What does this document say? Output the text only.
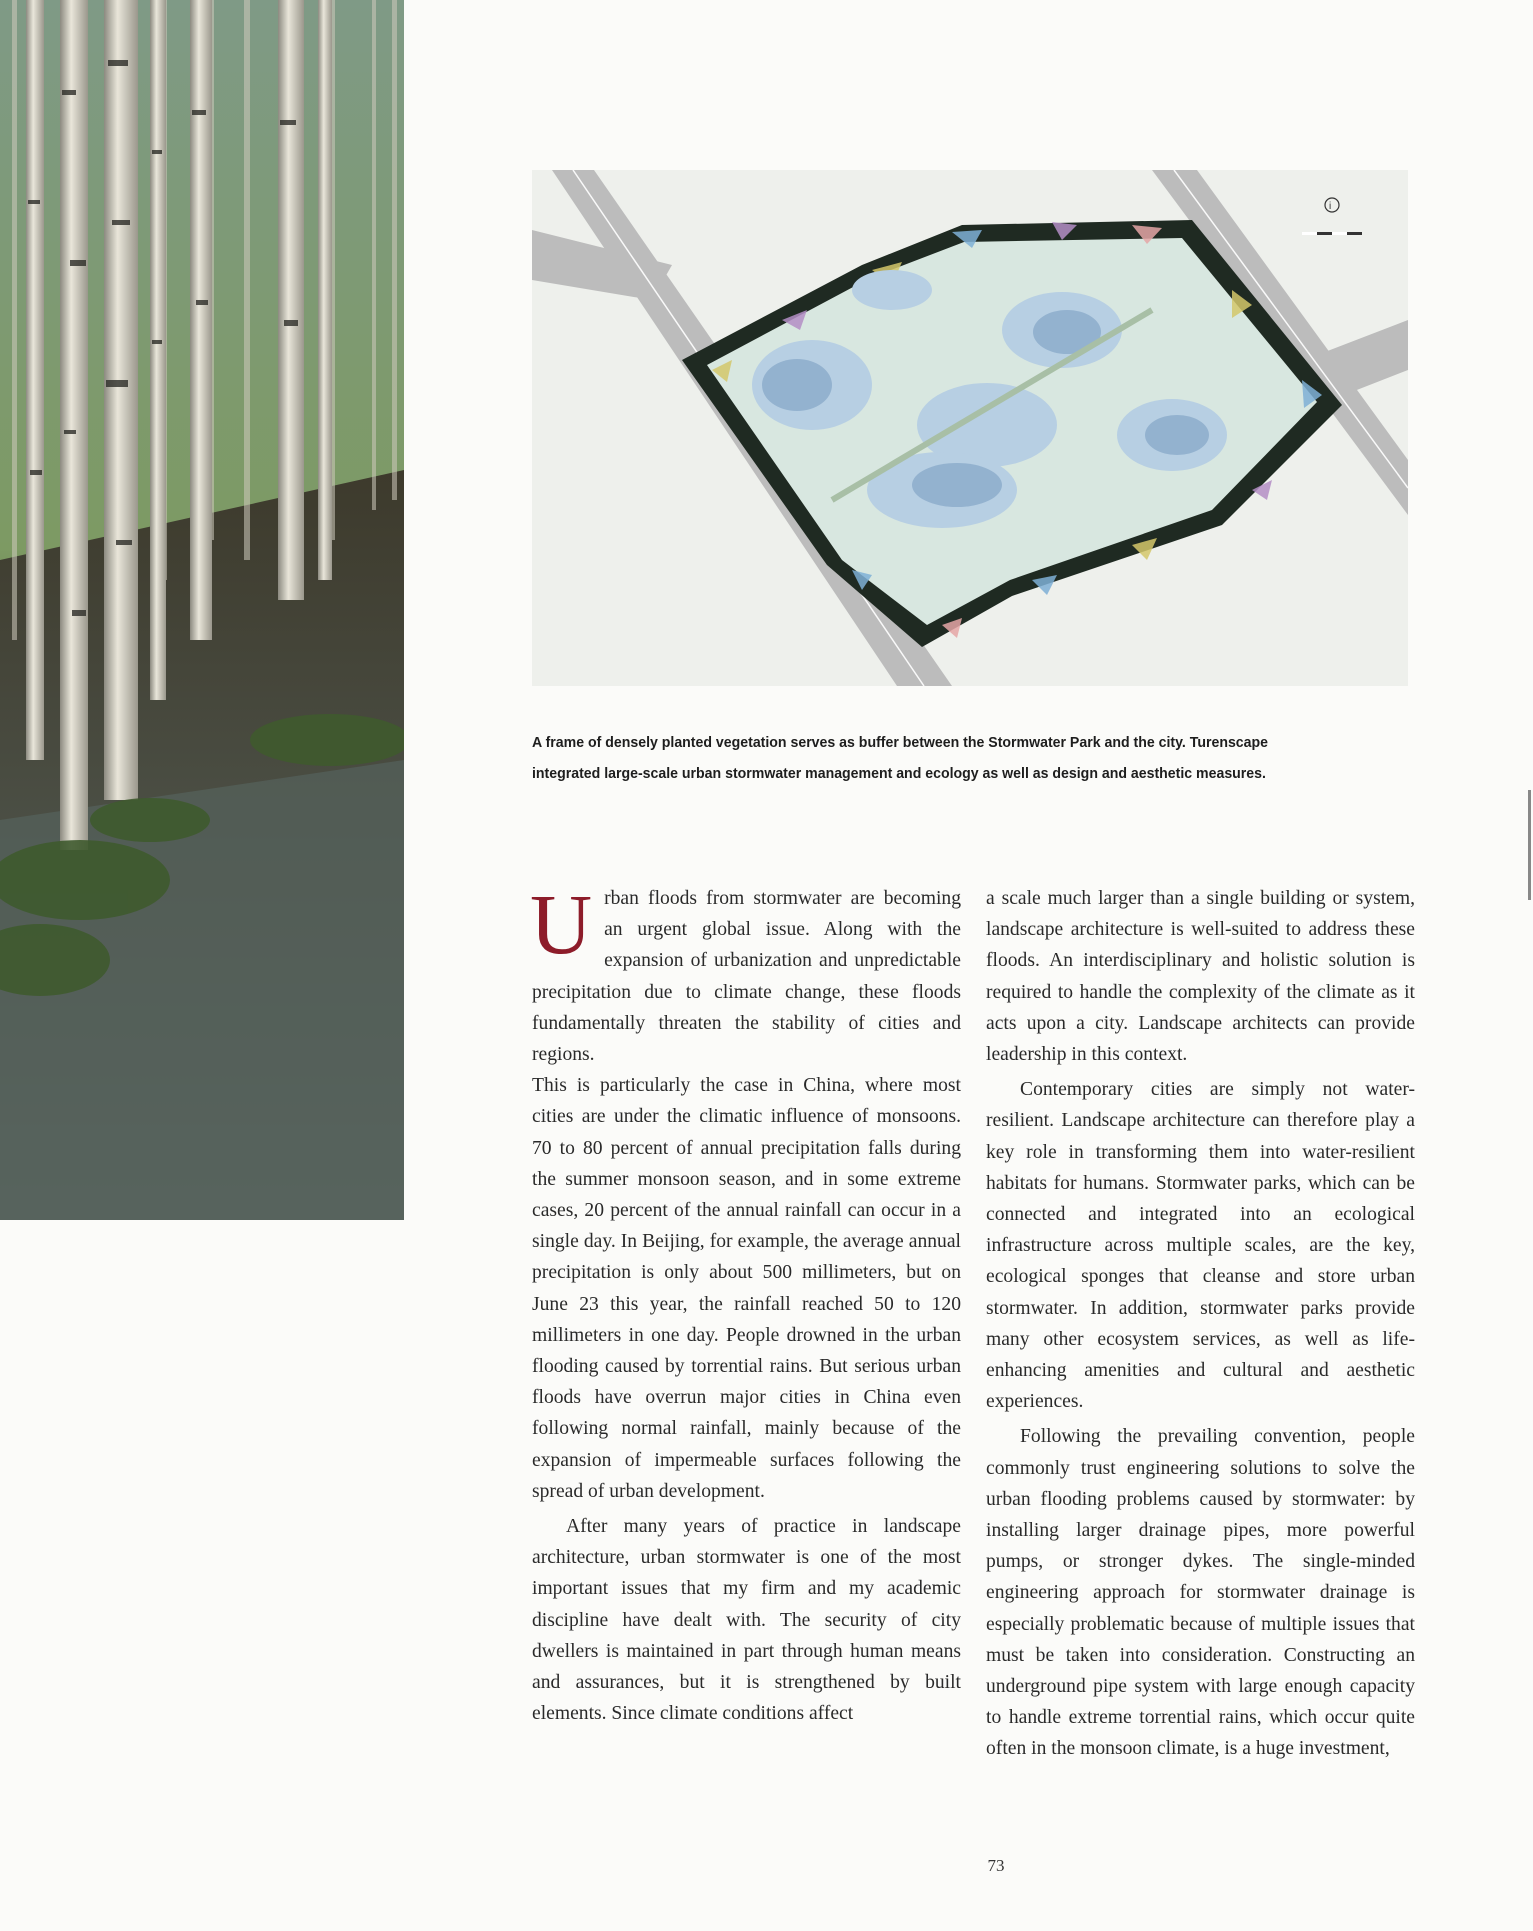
i
A frame of densely planted vegetation serves as buffer between the Stormwater Park and the city. Turenscape integrated large-scale urban stormwater management and ecology as well as design and aesthetic measures.

Urban floods from stormwater are becoming an urgent global issue. Along with the expansion of urbanization and unpredictable precipitation due to climate change, these floods fundamentally threaten the stability of cities and regions.

This is particularly the case in China, where most cities are under the climatic influence of monsoons. 70 to 80 percent of annual precipitation falls during the summer monsoon season, and in some extreme cases, 20 percent of the annual rainfall can occur in a single day. In Beijing, for example, the average annual precipitation is only about 500 millimeters, but on June 23 this year, the rainfall reached 50 to 120 millimeters in one day. People drowned in the urban flooding caused by torrential rains. But serious urban floods have overrun major cities in China even following normal rainfall, mainly because of the expansion of impermeable surfaces following the spread of urban development.

After many years of practice in landscape architecture, urban stormwater is one of the most important issues that my firm and my academic discipline have dealt with. The security of city dwellers is maintained in part through human means and assurances, but it is strengthened by built elements. Since climate conditions affect

a scale much larger than a single building or system, landscape architecture is well-suited to address these floods. An interdisciplinary and holistic solution is required to handle the complexity of the climate as it acts upon a city. Landscape architects can provide leadership in this context.

Contemporary cities are simply not water-resilient. Landscape architecture can therefore play a key role in transforming them into water-resilient habitats for humans. Stormwater parks, which can be connected and integrated into an ecological infrastructure across multiple scales, are the key, ecological sponges that cleanse and store urban stormwater. In addition, stormwater parks provide many other ecosystem services, as well as life-enhancing amenities and cultural and aesthetic experiences.

Following the prevailing convention, people commonly trust engineering solutions to solve the urban flooding problems caused by stormwater: by installing larger drainage pipes, more powerful pumps, or stronger dykes. The single-minded engineering approach for stormwater drainage is especially problematic because of multiple issues that must be taken into consideration. Constructing an underground pipe system with large enough capacity to handle extreme torrential rains, which occur quite often in the monsoon climate, is a huge investment,

73
